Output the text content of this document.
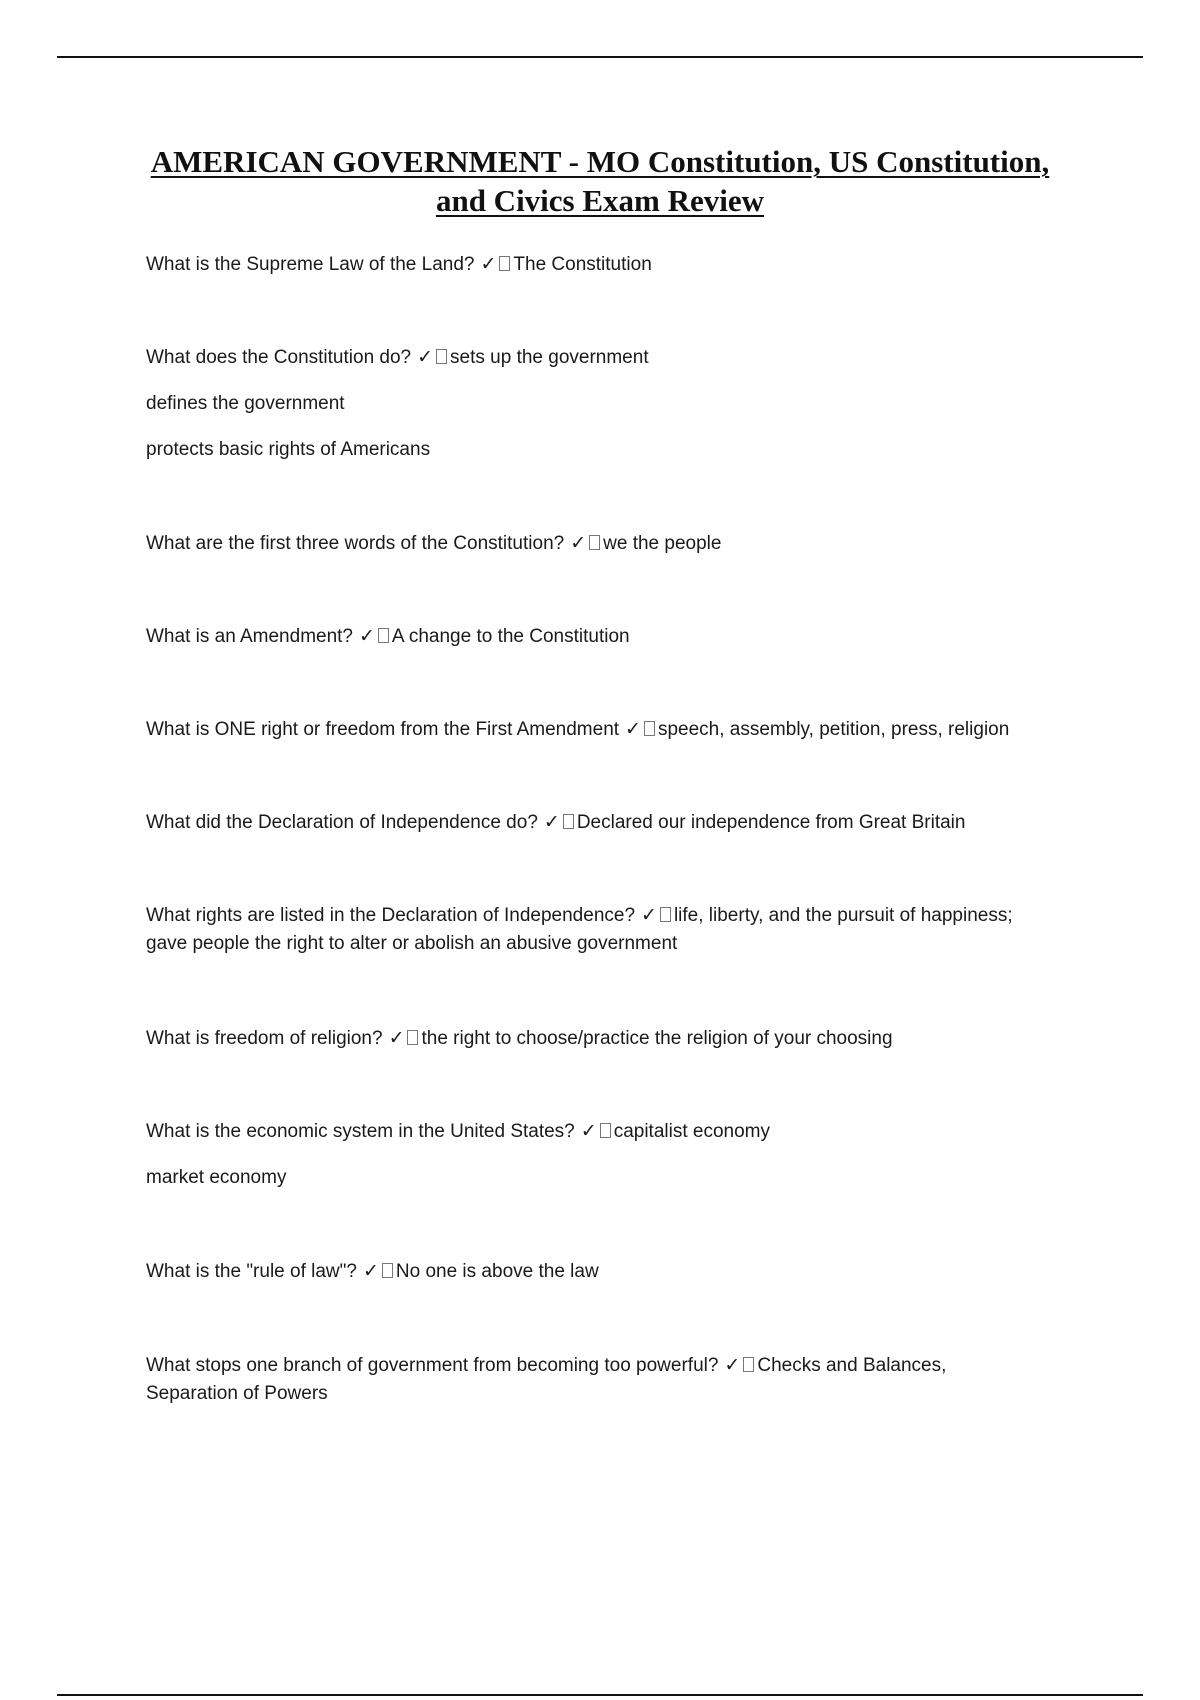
AMERICAN GOVERNMENT - MO Constitution, US Constitution,
and Civics Exam Review
What is the Supreme Law of the Land? ✓ The Constitution
What does the Constitution do? ✓ sets up the government
defines the government
protects basic rights of Americans
What are the first three words of the Constitution? ✓ we the people
What is an Amendment? ✓ A change to the Constitution
What is ONE right or freedom from the First Amendment ✓ speech, assembly, petition, press, religion
What did the Declaration of Independence do? ✓ Declared our independence from Great Britain
What rights are listed in the Declaration of Independence? ✓ life, liberty, and the pursuit of happiness;
gave people the right to alter or abolish an abusive government
What is freedom of religion? ✓ the right to choose/practice the religion of your choosing
What is the economic system in the United States? ✓ capitalist economy
market economy
What is the "rule of law"? ✓ No one is above the law
What stops one branch of government from becoming too powerful? ✓ Checks and Balances,
Separation of Powers
